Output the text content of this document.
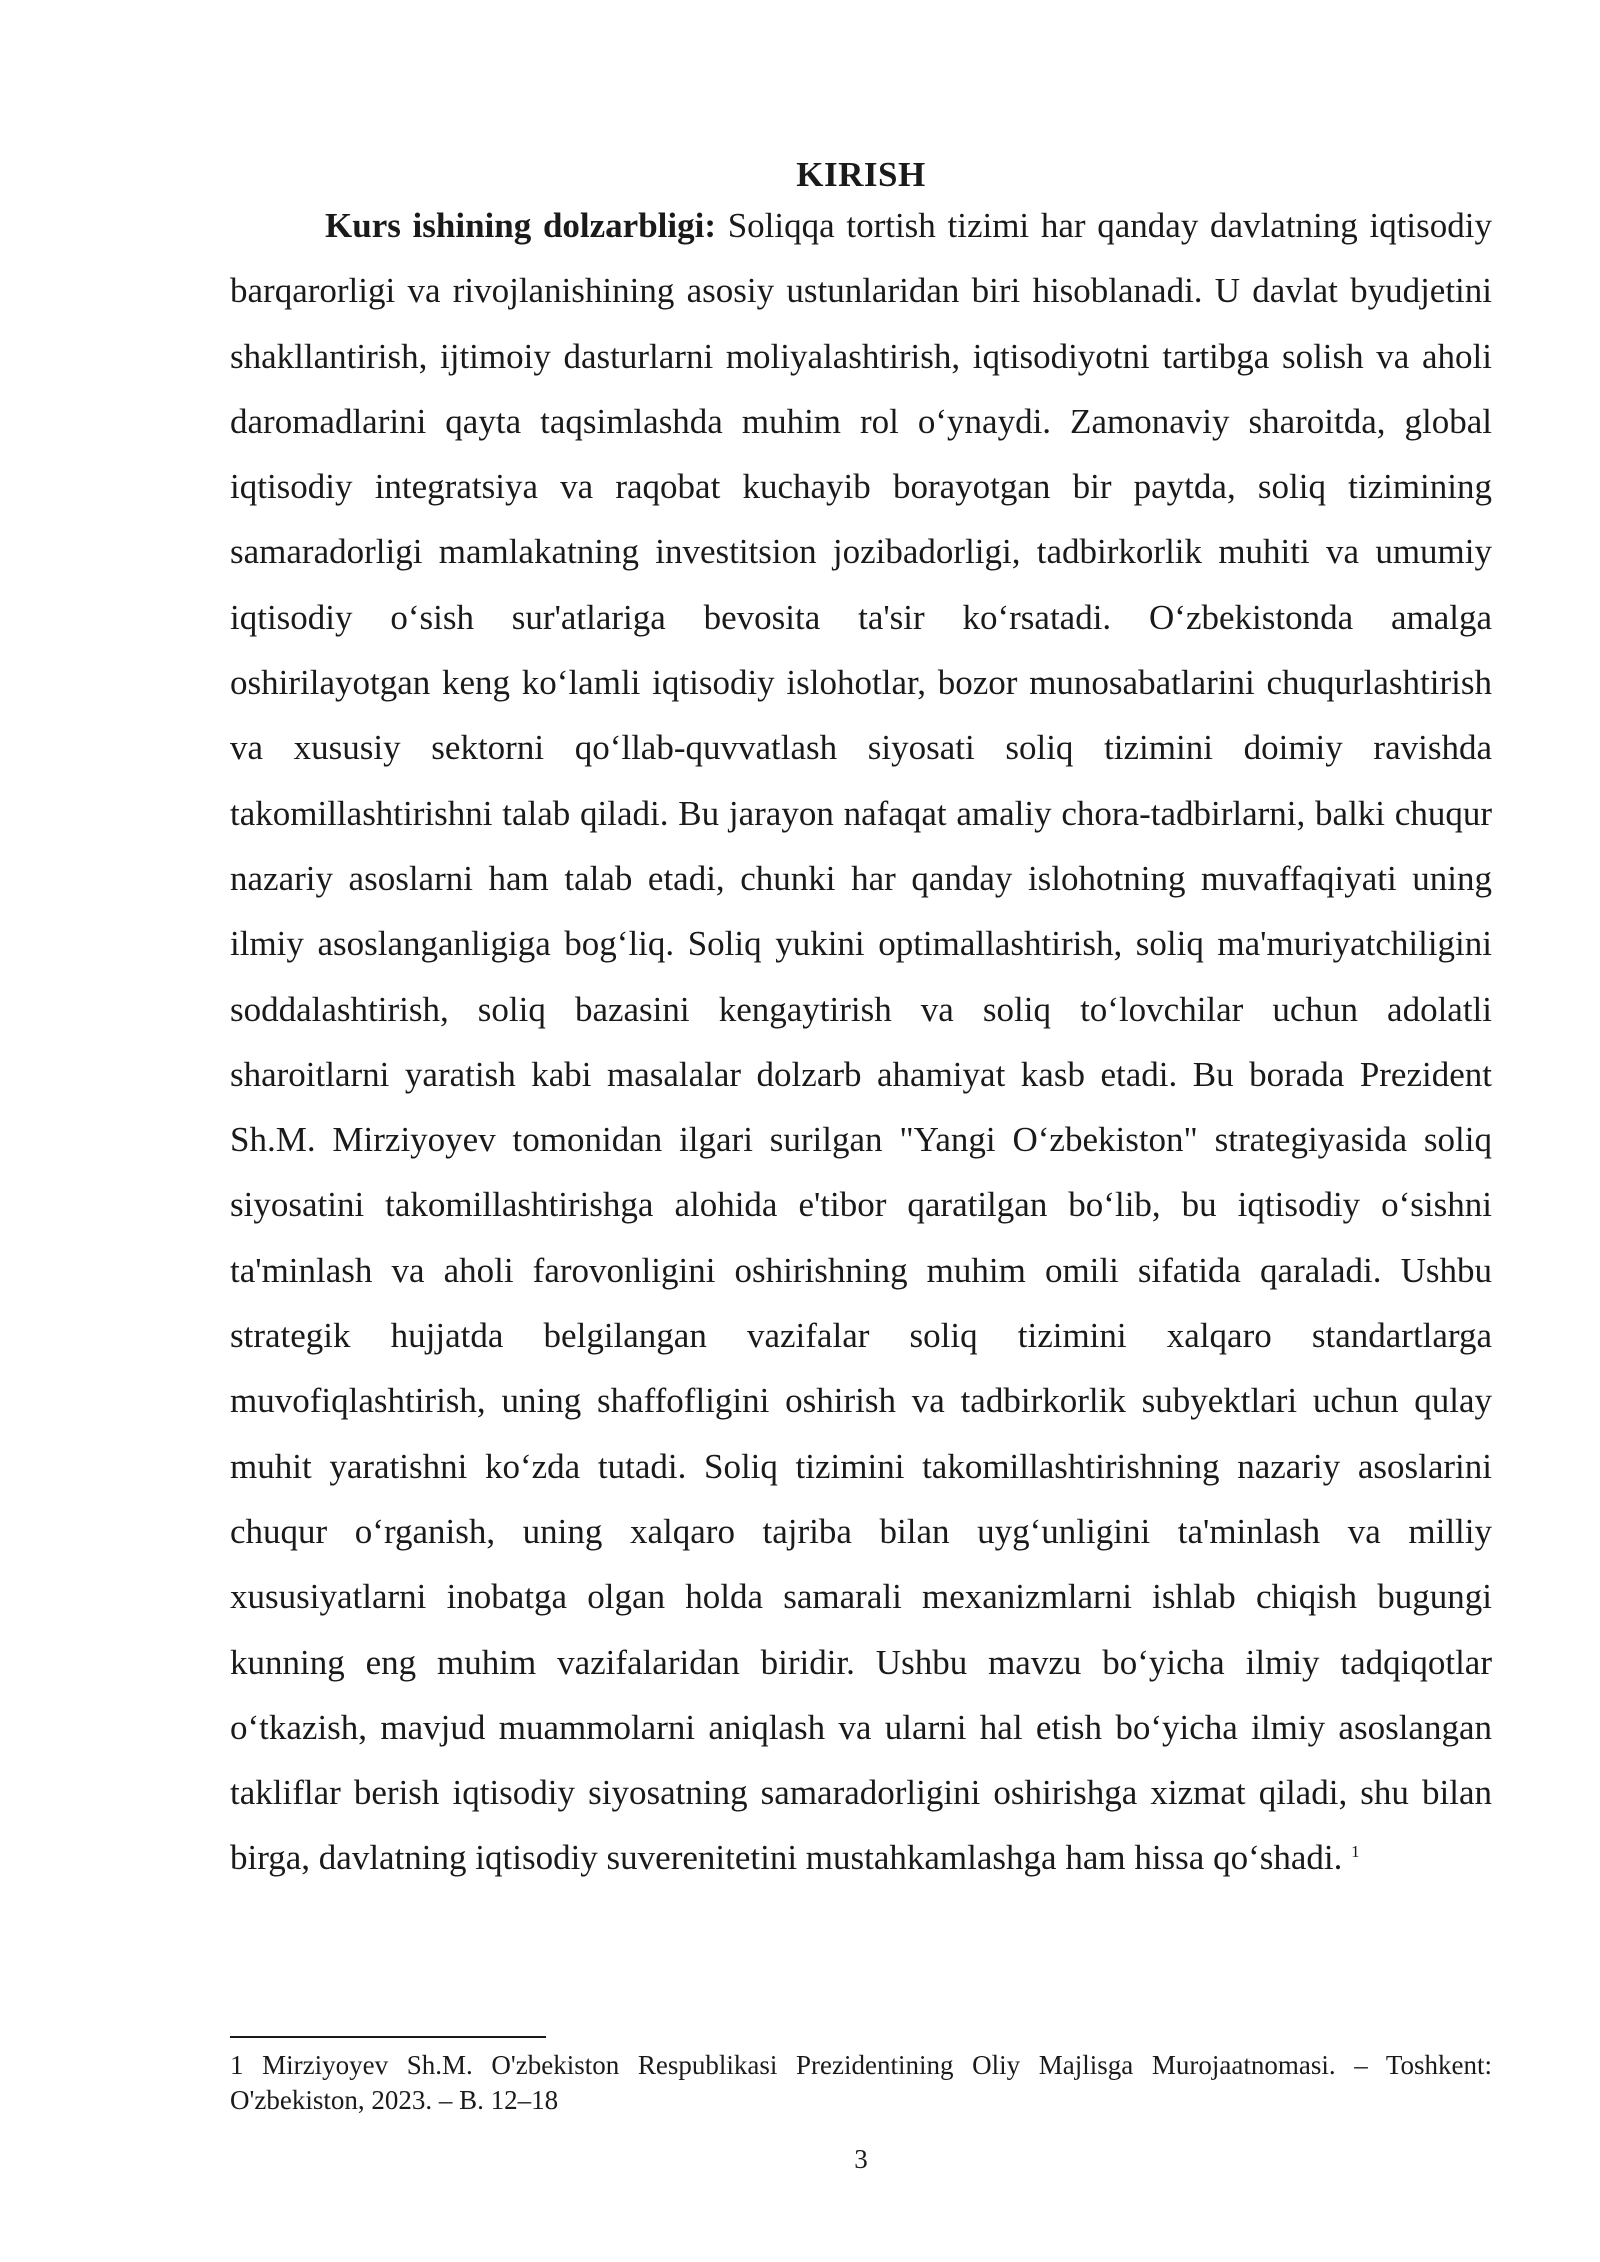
KIRISH

Kurs ishining dolzarbligi: Soliqqa tortish tizimi har qanday davlatning iqtisodiy barqarorligi va rivojlanishining asosiy ustunlaridan biri hisoblanadi. U davlat byudjetini shakllantirish, ijtimoiy dasturlarni moliyalashtirish, iqtisodiyotni tartibga solish va aholi daromadlarini qayta taqsimlashda muhim rol o‘ynaydi. Zamonaviy sharoitda, global iqtisodiy integratsiya va raqobat kuchayib borayotgan bir paytda, soliq tizimining samaradorligi mamlakatning investitsion jozibadorligi, tadbirkorlik muhiti va umumiy iqtisodiy o‘sish sur'atlariga bevosita ta'sir ko‘rsatadi. O‘zbekistonda amalga oshirilayotgan keng ko‘lamli iqtisodiy islohotlar, bozor munosabatlarini chuqurlashtirish va xususiy sektorni qo‘llab-quvvatlash siyosati soliq tizimini doimiy ravishda takomillashtirishni talab qiladi. Bu jarayon nafaqat amaliy chora-tadbirlarni, balki chuqur nazariy asoslarni ham talab etadi, chunki har qanday islohotning muvaffaqiyati uning ilmiy asoslanganligiga bog‘liq. Soliq yukini optimallashtirish, soliq ma'muriyatchiligini soddalashtirish, soliq bazasini kengaytirish va soliq to‘lovchilar uchun adolatli sharoitlarni yaratish kabi masalalar dolzarb ahamiyat kasb etadi. Bu borada Prezident Sh.M. Mirziyoyev tomonidan ilgari surilgan "Yangi O‘zbekiston" strategiyasida soliq siyosatini takomillashtirishga alohida e'tibor qaratilgan bo‘lib, bu iqtisodiy o‘sishni ta'minlash va aholi farovonligini oshirishning muhim omili sifatida qaraladi. Ushbu strategik hujjatda belgilangan vazifalar soliq tizimini xalqaro standartlarga muvofiqlashtirish, uning shaffofligini oshirish va tadbirkorlik subyektlari uchun qulay muhit yaratishni ko‘zda tutadi. Soliq tizimini takomillashtirishning nazariy asoslarini chuqur o‘rganish, uning xalqaro tajriba bilan uyg‘unligini ta'minlash va milliy xususiyatlarni inobatga olgan holda samarali mexanizmlarni ishlab chiqish bugungi kunning eng muhim vazifalaridan biridir. Ushbu mavzu bo‘yicha ilmiy tadqiqotlar o‘tkazish, mavjud muammolarni aniqlash va ularni hal etish bo‘yicha ilmiy asoslangan takliflar berish iqtisodiy siyosatning samaradorligini oshirishga xizmat qiladi, shu bilan birga, davlatning iqtisodiy suverenitetini mustahkamlashga ham hissa qo‘shadi. $^1$

1 Mirziyoyev Sh.M. O'zbekiston Respublikasi Prezidentining Oliy Majlisga Murojaatnomasi. – Toshkent: O'zbekiston, 2023. – B. 12–18

3
